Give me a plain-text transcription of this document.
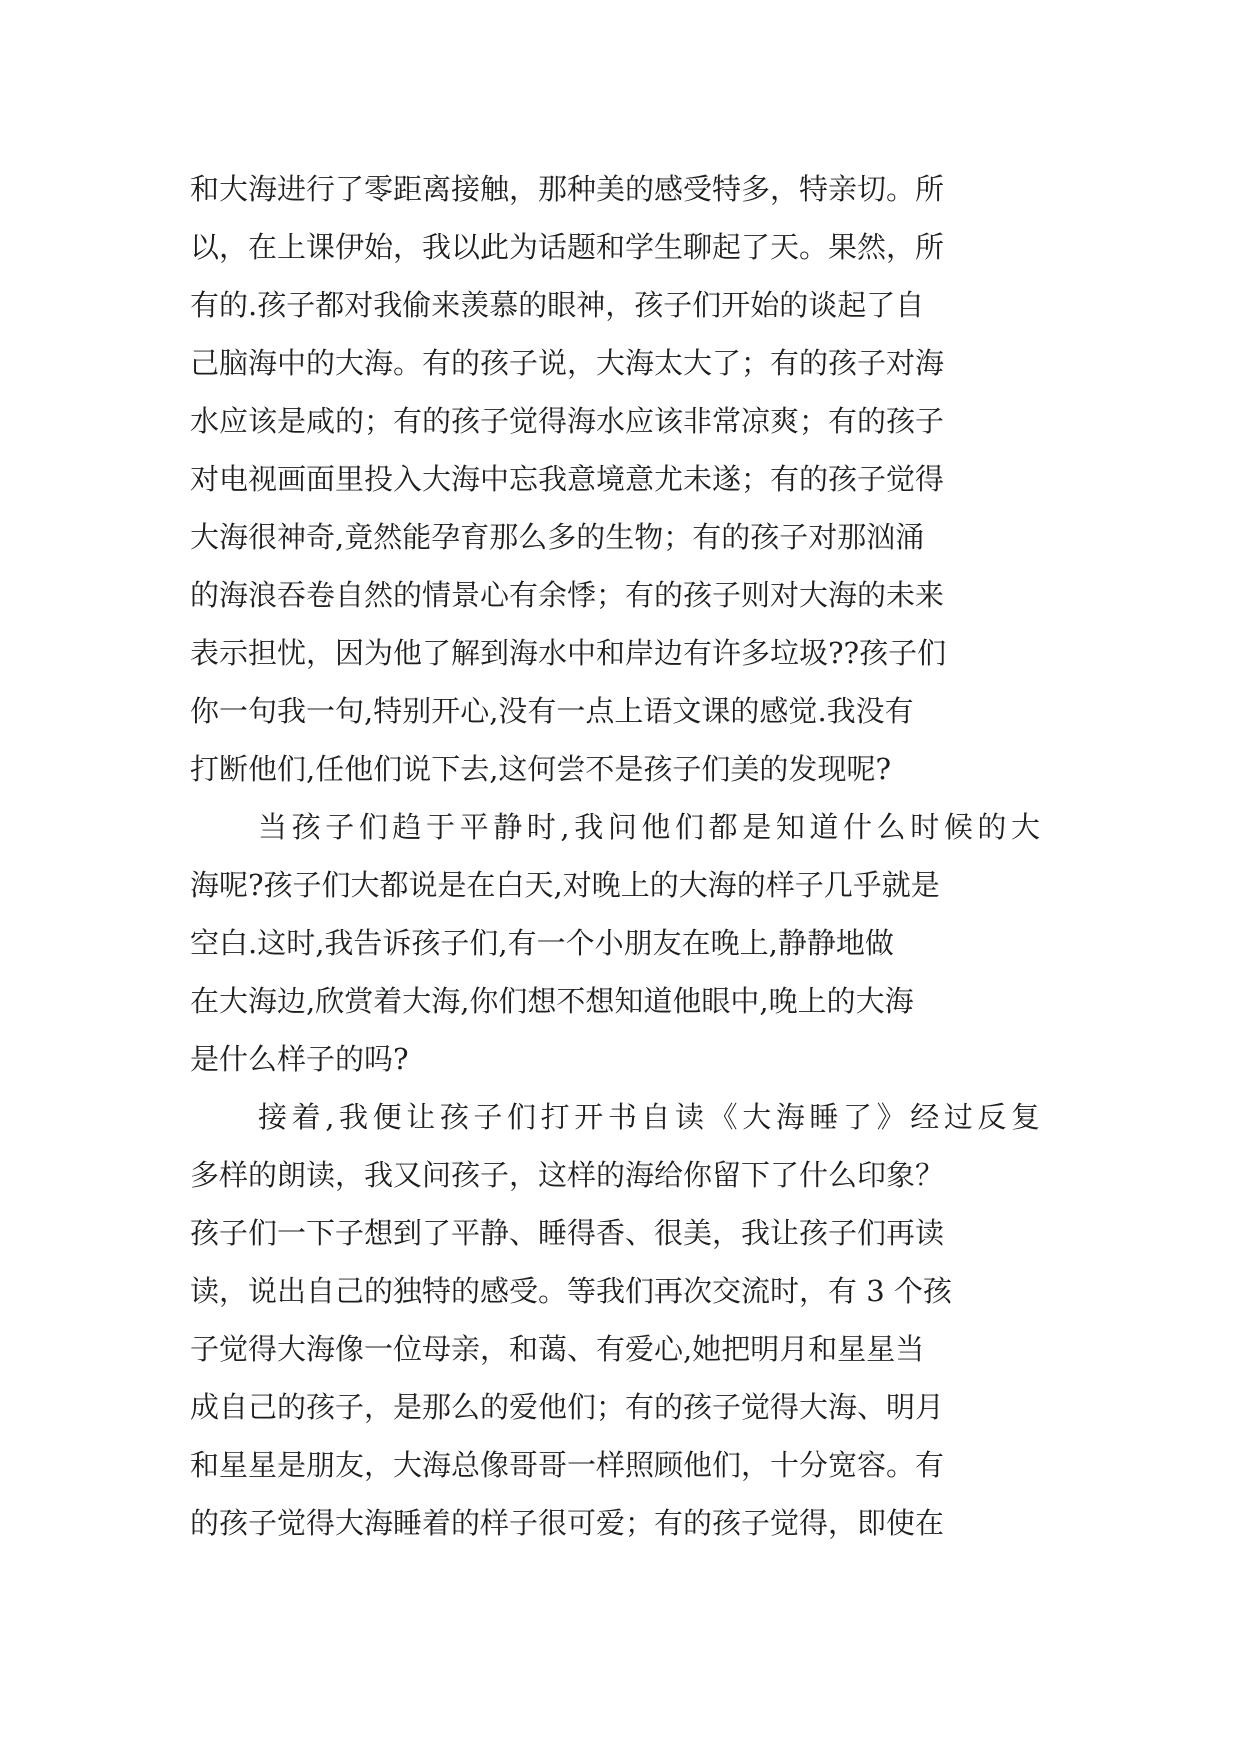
和大海进行了零距离接触，那种美的感受特多，特亲切。所
以，在上课伊始，我以此为话题和学生聊起了天。果然，所
有的.孩子都对我偷来羡慕的眼神，孩子们开始的谈起了自
己脑海中的大海。有的孩子说，大海太大了；有的孩子对海
水应该是咸的；有的孩子觉得海水应该非常凉爽；有的孩子
对电视画面里投入大海中忘我意境意尤未遂；有的孩子觉得
大海很神奇,竟然能孕育那么多的生物；有的孩子对那汹涌
的海浪吞卷自然的情景心有余悸；有的孩子则对大海的未来
表示担忧，因为他了解到海水中和岸边有许多垃圾??孩子们
你一句我一句,特别开心,没有一点上语文课的感觉.我没有
打断他们,任他们说下去,这何尝不是孩子们美的发现呢?
当孩子们趋于平静时,我问他们都是知道什么时候的大
海呢?孩子们大都说是在白天,对晚上的大海的样子几乎就是
空白.这时,我告诉孩子们,有一个小朋友在晚上,静静地做
在大海边,欣赏着大海,你们想不想知道他眼中,晚上的大海
是什么样子的吗?
接着,我便让孩子们打开书自读《大海睡了》经过反复
多样的朗读，我又问孩子，这样的海给你留下了什么印象？
孩子们一下子想到了平静、睡得香、很美，我让孩子们再读
读，说出自己的独特的感受。等我们再次交流时，有 3 个孩
子觉得大海像一位母亲，和蔼、有爱心,她把明月和星星当
成自己的孩子，是那么的爱他们；有的孩子觉得大海、明月
和星星是朋友，大海总像哥哥一样照顾他们，十分宽容。有
的孩子觉得大海睡着的样子很可爱；有的孩子觉得，即使在
